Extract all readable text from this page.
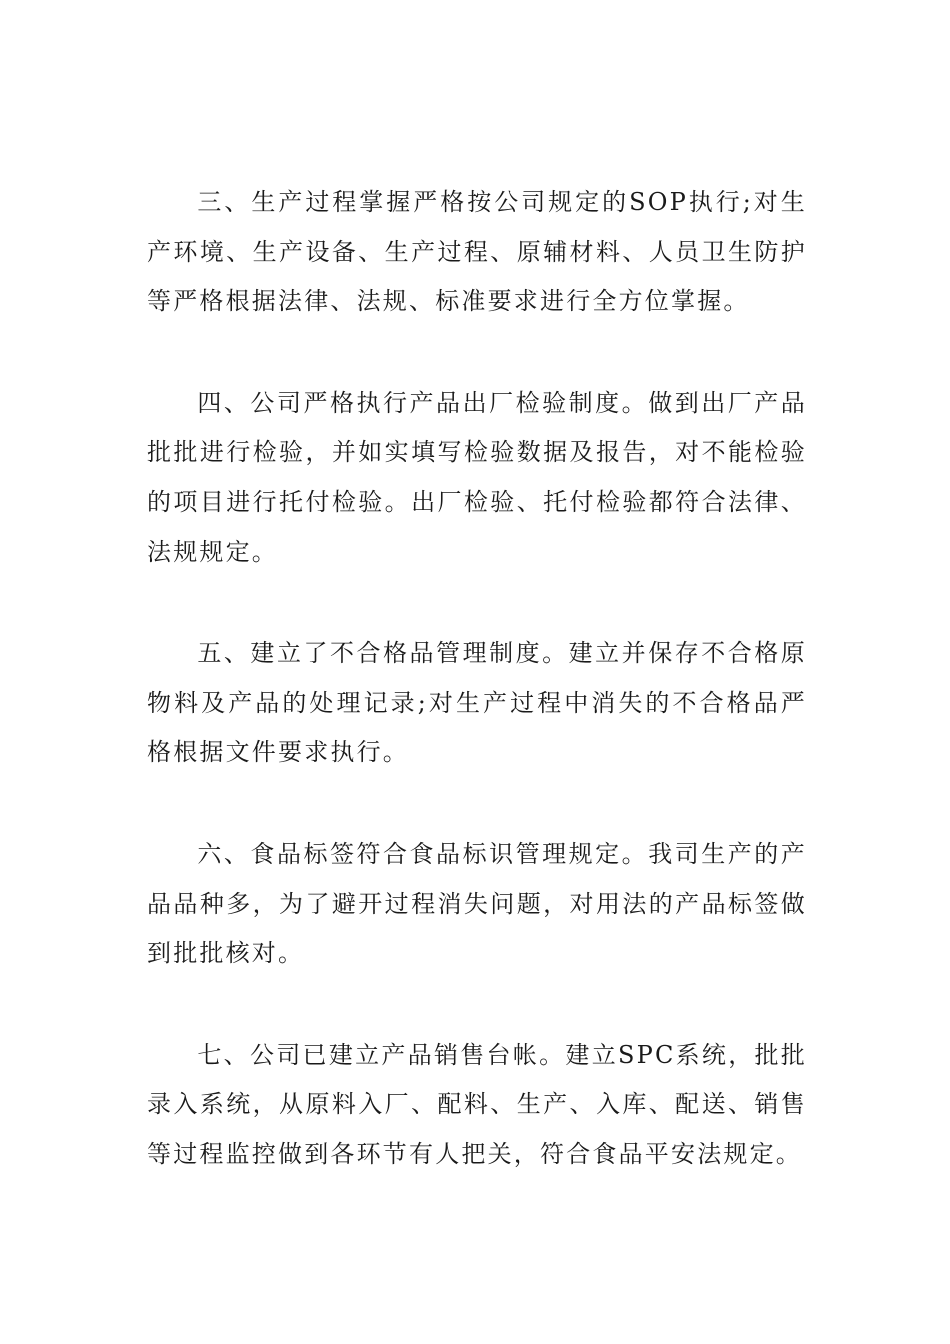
三、生产过程掌握严格按公司规定的SOP执行;对生产环境、生产设备、生产过程、原辅材料、人员卫生防护等严格根据法律、法规、标准要求进行全方位掌握。

四、公司严格执行产品出厂检验制度。做到出厂产品批批进行检验，并如实填写检验数据及报告，对不能检验的项目进行托付检验。出厂检验、托付检验都符合法律、法规规定。

五、建立了不合格品管理制度。建立并保存不合格原物料及产品的处理记录;对生产过程中消失的不合格品严格根据文件要求执行。

六、食品标签符合食品标识管理规定。我司生产的产品品种多，为了避开过程消失问题，对用法的产品标签做到批批核对。

七、公司已建立产品销售台帐。建立SPC系统，批批录入系统，从原料入厂、配料、生产、入库、配送、销售等过程监控做到各环节有人把关，符合食品平安法规定。
